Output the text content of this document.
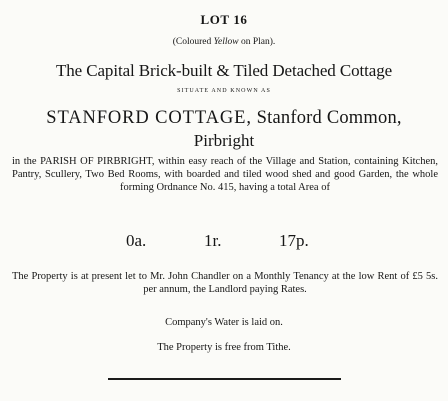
LOT 16
(Coloured Yellow on Plan).
The Capital Brick-built & Tiled Detached Cottage
SITUATE AND KNOWN AS
STANFORD COTTAGE, Stanford Common,
Pirbright
in the PARISH OF PIRBRIGHT, within easy reach of the Village and Station, containing Kitchen, Pantry, Scullery, Two Bed Rooms, with boarded and tiled wood shed and good Garden, the whole forming Ordnance No. 415, having a total Area of
0a.	1r.	17p.
The Property is at present let to Mr. John Chandler on a Monthly Tenancy at the low Rent of £5 5s. per annum, the Landlord paying Rates.
Company's Water is laid on.
The Property is free from Tithe.
